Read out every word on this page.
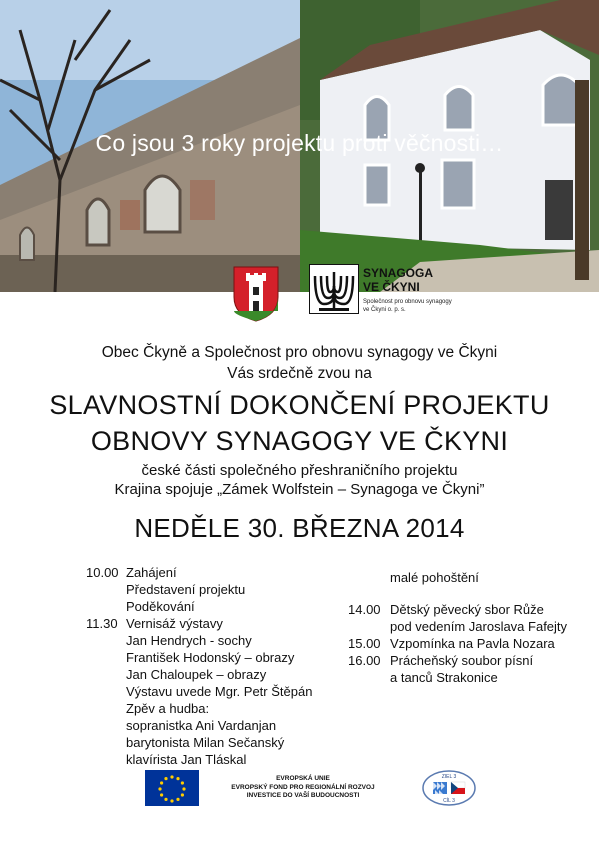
Co jsou 3 roky projektu proti věčnosti…
SYNAGOGA
VE ČKYNI
Společnost pro obnovu synagogy ve Čkyni o. p. s.
Obec Čkyně a Společnost pro obnovu synagogy ve Čkyni
Vás srdečně zvou na
SLAVNOSTNÍ DOKONČENÍ PROJEKTU
OBNOVY SYNAGOGY VE ČKYNI
české části společného přeshraničního projektu
Krajina spojuje „Zámek Wolfstein – Synagoga ve Čkyni”
NEDĚLE 30. BŘEZNA 2014
10.00 Zahájení
Představení projektu
Poděkování
11.30 Vernisáž výstavy
Jan Hendrych - sochy
František Hodonský – obrazy
Jan Chaloupek – obrazy
Výstavu uvede Mgr. Petr Štěpán
Zpěv a hudba:
sopranistka Ani Vardanjan
barytonista Milan Sečanský
klavírista Jan Tláskal
malé pohoštění
14.00 Dětský pěvecký sbor Růže
pod vedením Jaroslava Fafejty
15.00 Vzpomínka na Pavla Nozara
16.00 Prácheňský soubor písní
a tanců Strakonice
EVROPSKÁ UNIE
EVROPSKÝ FOND PRO REGIONÁLNÍ ROZVOJ
INVESTICE DO VAŠÍ BUDOUCNOSTI
ZIEL 3
CÍL 3
